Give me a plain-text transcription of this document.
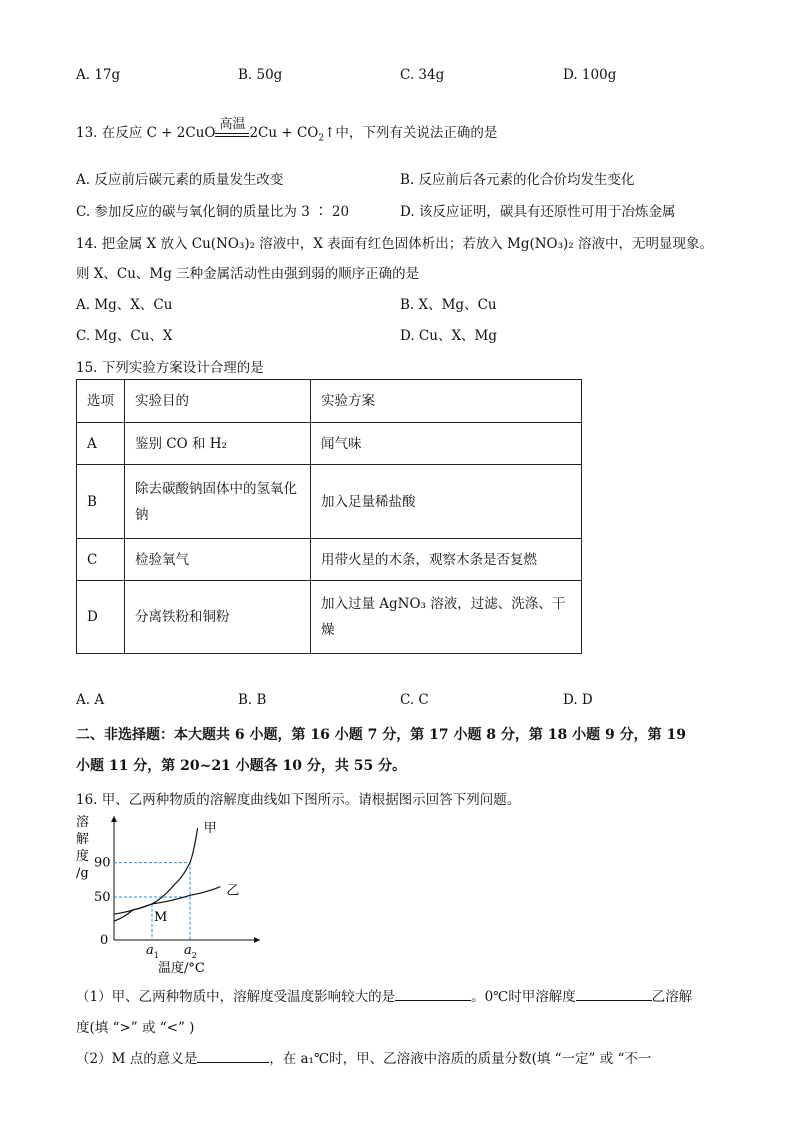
A. 17g	B. 50g	C. 34g	D. 100g
13. 在反应 C + 2CuO
高温
$2Cu + CO_2↑$中，下列有关说法正确的是
A. 反应前后碳元素的质量发生改变	B. 反应前后各元素的化合价均发生变化
C. 参加反应的碳与氧化铜的质量比为 3 ∶ 20	D. 该反应证明，碳具有还原性可用于冶炼金属
14. 把金属 X 放入 Cu(NO₃)₂ 溶液中，X 表面有红色固体析出；若放入 Mg(NO₃)₂ 溶液中，无明显现象。
则 X、Cu、Mg 三种金属活动性由强到弱的顺序正确的是
A. Mg、X、Cu	B. X、Mg、Cu
C. Mg、Cu、X	D. Cu、X、Mg
15. 下列实验方案设计合理的是
选项	实验目的	实验方案
A	鉴别 CO 和 H₂	闻气味
B	除去碳酸钠固体中的氢氧化钠	加入足量稀盐酸
C	检验氧气	用带火星的木条，观察木条是否复燃
D	分离铁粉和铜粉	加入过量 AgNO₃ 溶液，过滤、洗涤、干燥
A. A	B. B	C. C	D. D
二、非选择题：本大题共 6 小题，第 16 小题 7 分，第 17 小题 8 分，第 18 小题 9 分，第 19
小题 11 分，第 20~21 小题各 10 分，共 55 分。
16. 甲、乙两种物质的溶解度曲线如下图所示。请根据图示回答下列问题。
溶
解
度
/g
0
50
90
甲
乙
M
$a_1$ $a_2$
温度/°C
（1）甲、乙两种物质中，溶解度受温度影响较大的是	。0℃时甲溶解度	乙溶解
度(填 “>” 或 “<” )
（2）M 点的意义是	，在 a₁℃时，甲、乙溶液中溶质的质量分数(填 “一定” 或 “不一
